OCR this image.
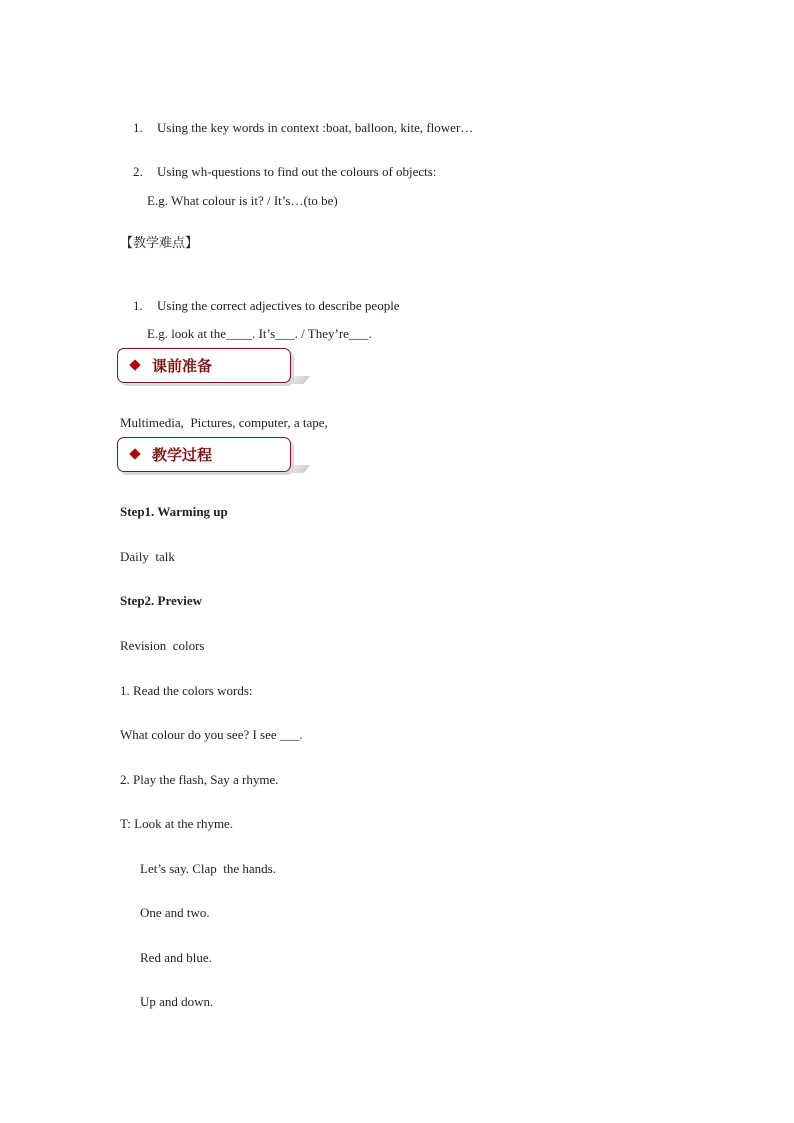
1. Using the key words in context :boat, balloon, kite, flower…

2. Using wh-questions to find out the colours of objects:

E.g. What colour is it? / It’s…(to be)
【教学难点】

1. Using the correct adjectives to describe people

E.g. look at the____. It’s___. / They’re___.
课前准备
Multimedia,  Pictures, computer, a tape,
教学过程
Step1. Warming up
Daily  talk
Step2. Preview
Revision  colors
1. Read the colors words:
What colour do you see? I see ___.
2. Play the flash, Say a rhyme.
T: Look at the rhyme.
Let’s say. Clap  the hands.
One and two.
Red and blue.
Up and down.
